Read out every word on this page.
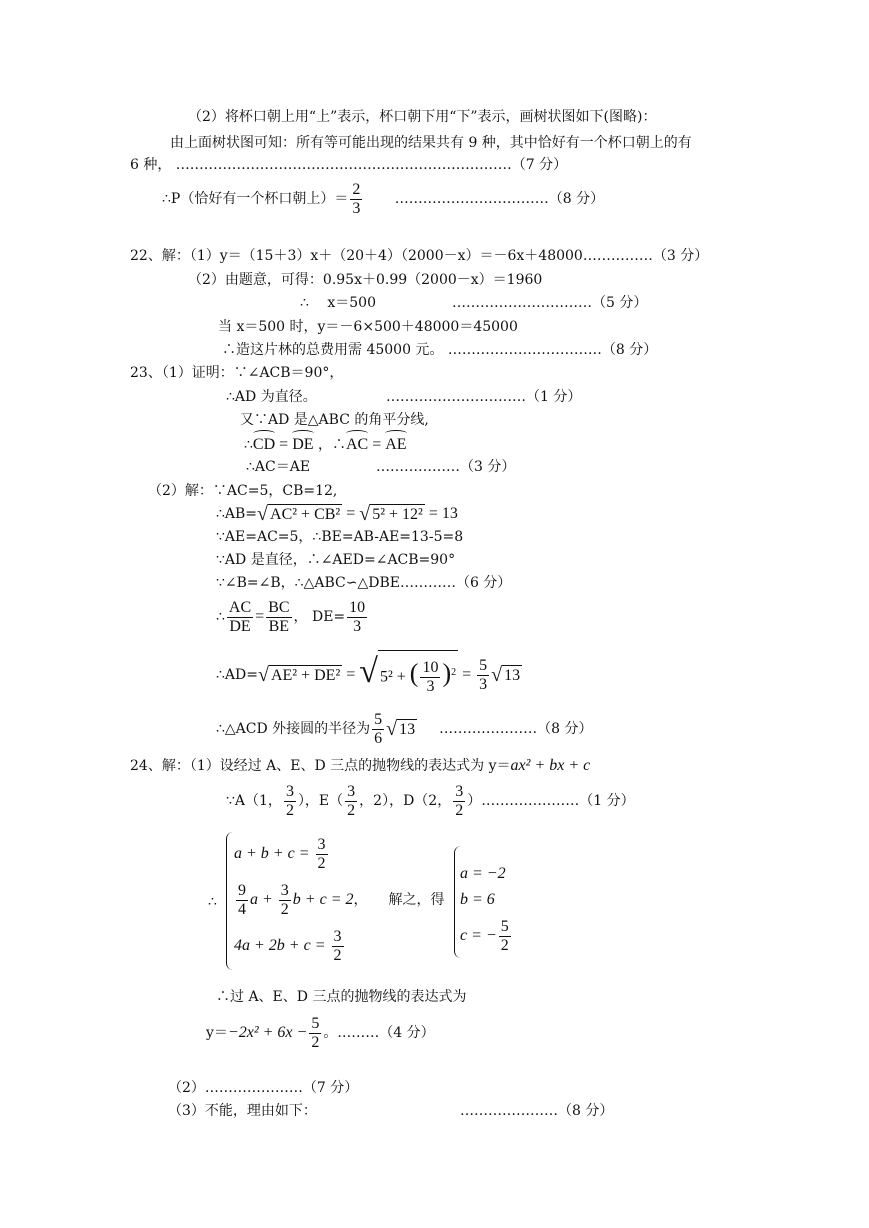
（2）将杯口朝上用“上”表示，杯口朝下用“下”表示，画树状图如下(图略)：
由上面树状图可知：所有等可能出现的结果共有 9 种，其中恰好有一个杯口朝上的有
6 种， ………………………………………………………………（7 分）
∴P（恰好有一个杯口朝上）＝ $\frac{2}{3}$ ……………………………（8 分）
22、解：（1）y＝（15＋3）x＋（20＋4）（2000－x）＝－6x＋48000……………（3 分）
（2）由题意，可得：0.95x＋0.99（2000－x）＝1960
∴　 x＝500	…………………………（5 分）
当 x＝500 时，y＝－6×500＋48000＝45000
∴造这片林的总费用需 45000 元。 ……………………………（8 分）
23、（1）证明：∵∠ACB＝90°，
∴AD 为直径。	…………………………（1 分）
又∵AD 是△ABC 的角平分线,
∴CD = DE ，∴AC = AE
∴AC＝AE	………………（3 分）
（2）解：∵AC=5，CB=12,
∴AB= √ AC² + CB² = √ 5² + 12² = 13
∵AE=AC=5，∴BE=AB-AE=13-5=8
∵AD 是直径，∴∠AED=∠ACB=90°
∵∠B=∠B，∴△ABC∽△DBE…………（6 分）
∴ $\frac{AC}{DE} = \frac{BC}{BE}$ ， $DE= \frac{10}{3}$
∴AD= √ AE² + DE² = √ 5² + ( $\frac{10}{3} )^2 = \frac{5}{3}$ √ 13
∴△ACD 外接圆的半径为 $\frac{5}{6}$ √ 13 …………………（8 分）
24、解：（1）设经过 A、E、D 三点的抛物线的表达式为 y＝ax² + bx + c
∵A（1， $\frac{3}{2}$ ），$E( \frac{3}{2}$ ，2），D（2， $\frac{3}{2}$ ）…………………（1 分）
∴
$a + b + c = \frac{3}{2}$
$\frac{9}{4}$ $a + \frac{3}{2}$ b + c = 2，　　解之，得
$4a + 2b + c = \frac{3}{2}$
a = −2
b = 6
c = − $\frac{5}{2}$
∴过 A、E、D 三点的抛物线的表达式为
$y=-2x^2 + 6x - \frac{5}{2}$ 。………（4 分）
（2）…………………（7 分）
（3）不能，理由如下：	…………………（8 分）
